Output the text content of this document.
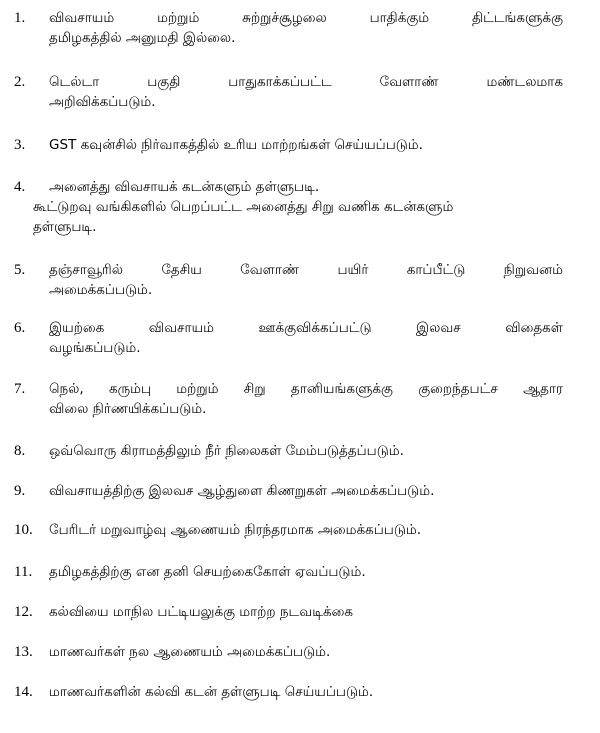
1. விவசாயம் மற்றும் சுற்றுச்சூழலை பாதிக்கும் திட்டங்களுக்கு
தமிழகத்தில் அனுமதி இல்லை.
2. டெல்டா பகுதி பாதுகாக்கப்பட்ட வேளாண் மண்டலமாக
அறிவிக்கப்படும்.
3. GST கவுன்சில் நிர்வாகத்தில் உரிய மாற்றங்கள் செய்யப்படும்.
4. அனைத்து விவசாயக் கடன்களும் தள்ளுபடி.
கூட்டுறவு வங்கிகளில் பெறப்பட்ட அனைத்து சிறு வணிக கடன்களும்
தள்ளுபடி.
5. தஞ்சாவூரில் தேசிய வேளாண் பயிர் காப்பீட்டு நிறுவனம்
அமைக்கப்படும்.
6. இயற்கை விவசாயம் ஊக்குவிக்கப்பட்டு இலவச விதைகள்
வழங்கப்படும்.
7. நெல், கரும்பு மற்றும் சிறு தானியங்களுக்கு குறைந்தபட்ச ஆதார
விலை நிர்ணயிக்கப்படும்.
8. ஒவ்வொரு கிராமத்திலும் நீர் நிலைகள் மேம்படுத்தப்படும்.
9. விவசாயத்திற்கு இலவச ஆழ்துளை கிணறுகள் அமைக்கப்படும்.
10. பேரிடர் மறுவாழ்வு ஆணையம் நிரந்தரமாக அமைக்கப்படும்.
11. தமிழகத்திற்கு என தனி செயற்கைகோள் ஏவப்படும்.
12. கல்வியை மாநில பட்டியலுக்கு மாற்ற நடவடிக்கை
13. மாணவர்கள் நல ஆணையம் அமைக்கப்படும்.
14. மாணவர்களின் கல்வி கடன் தள்ளுபடி செய்யப்படும்.
